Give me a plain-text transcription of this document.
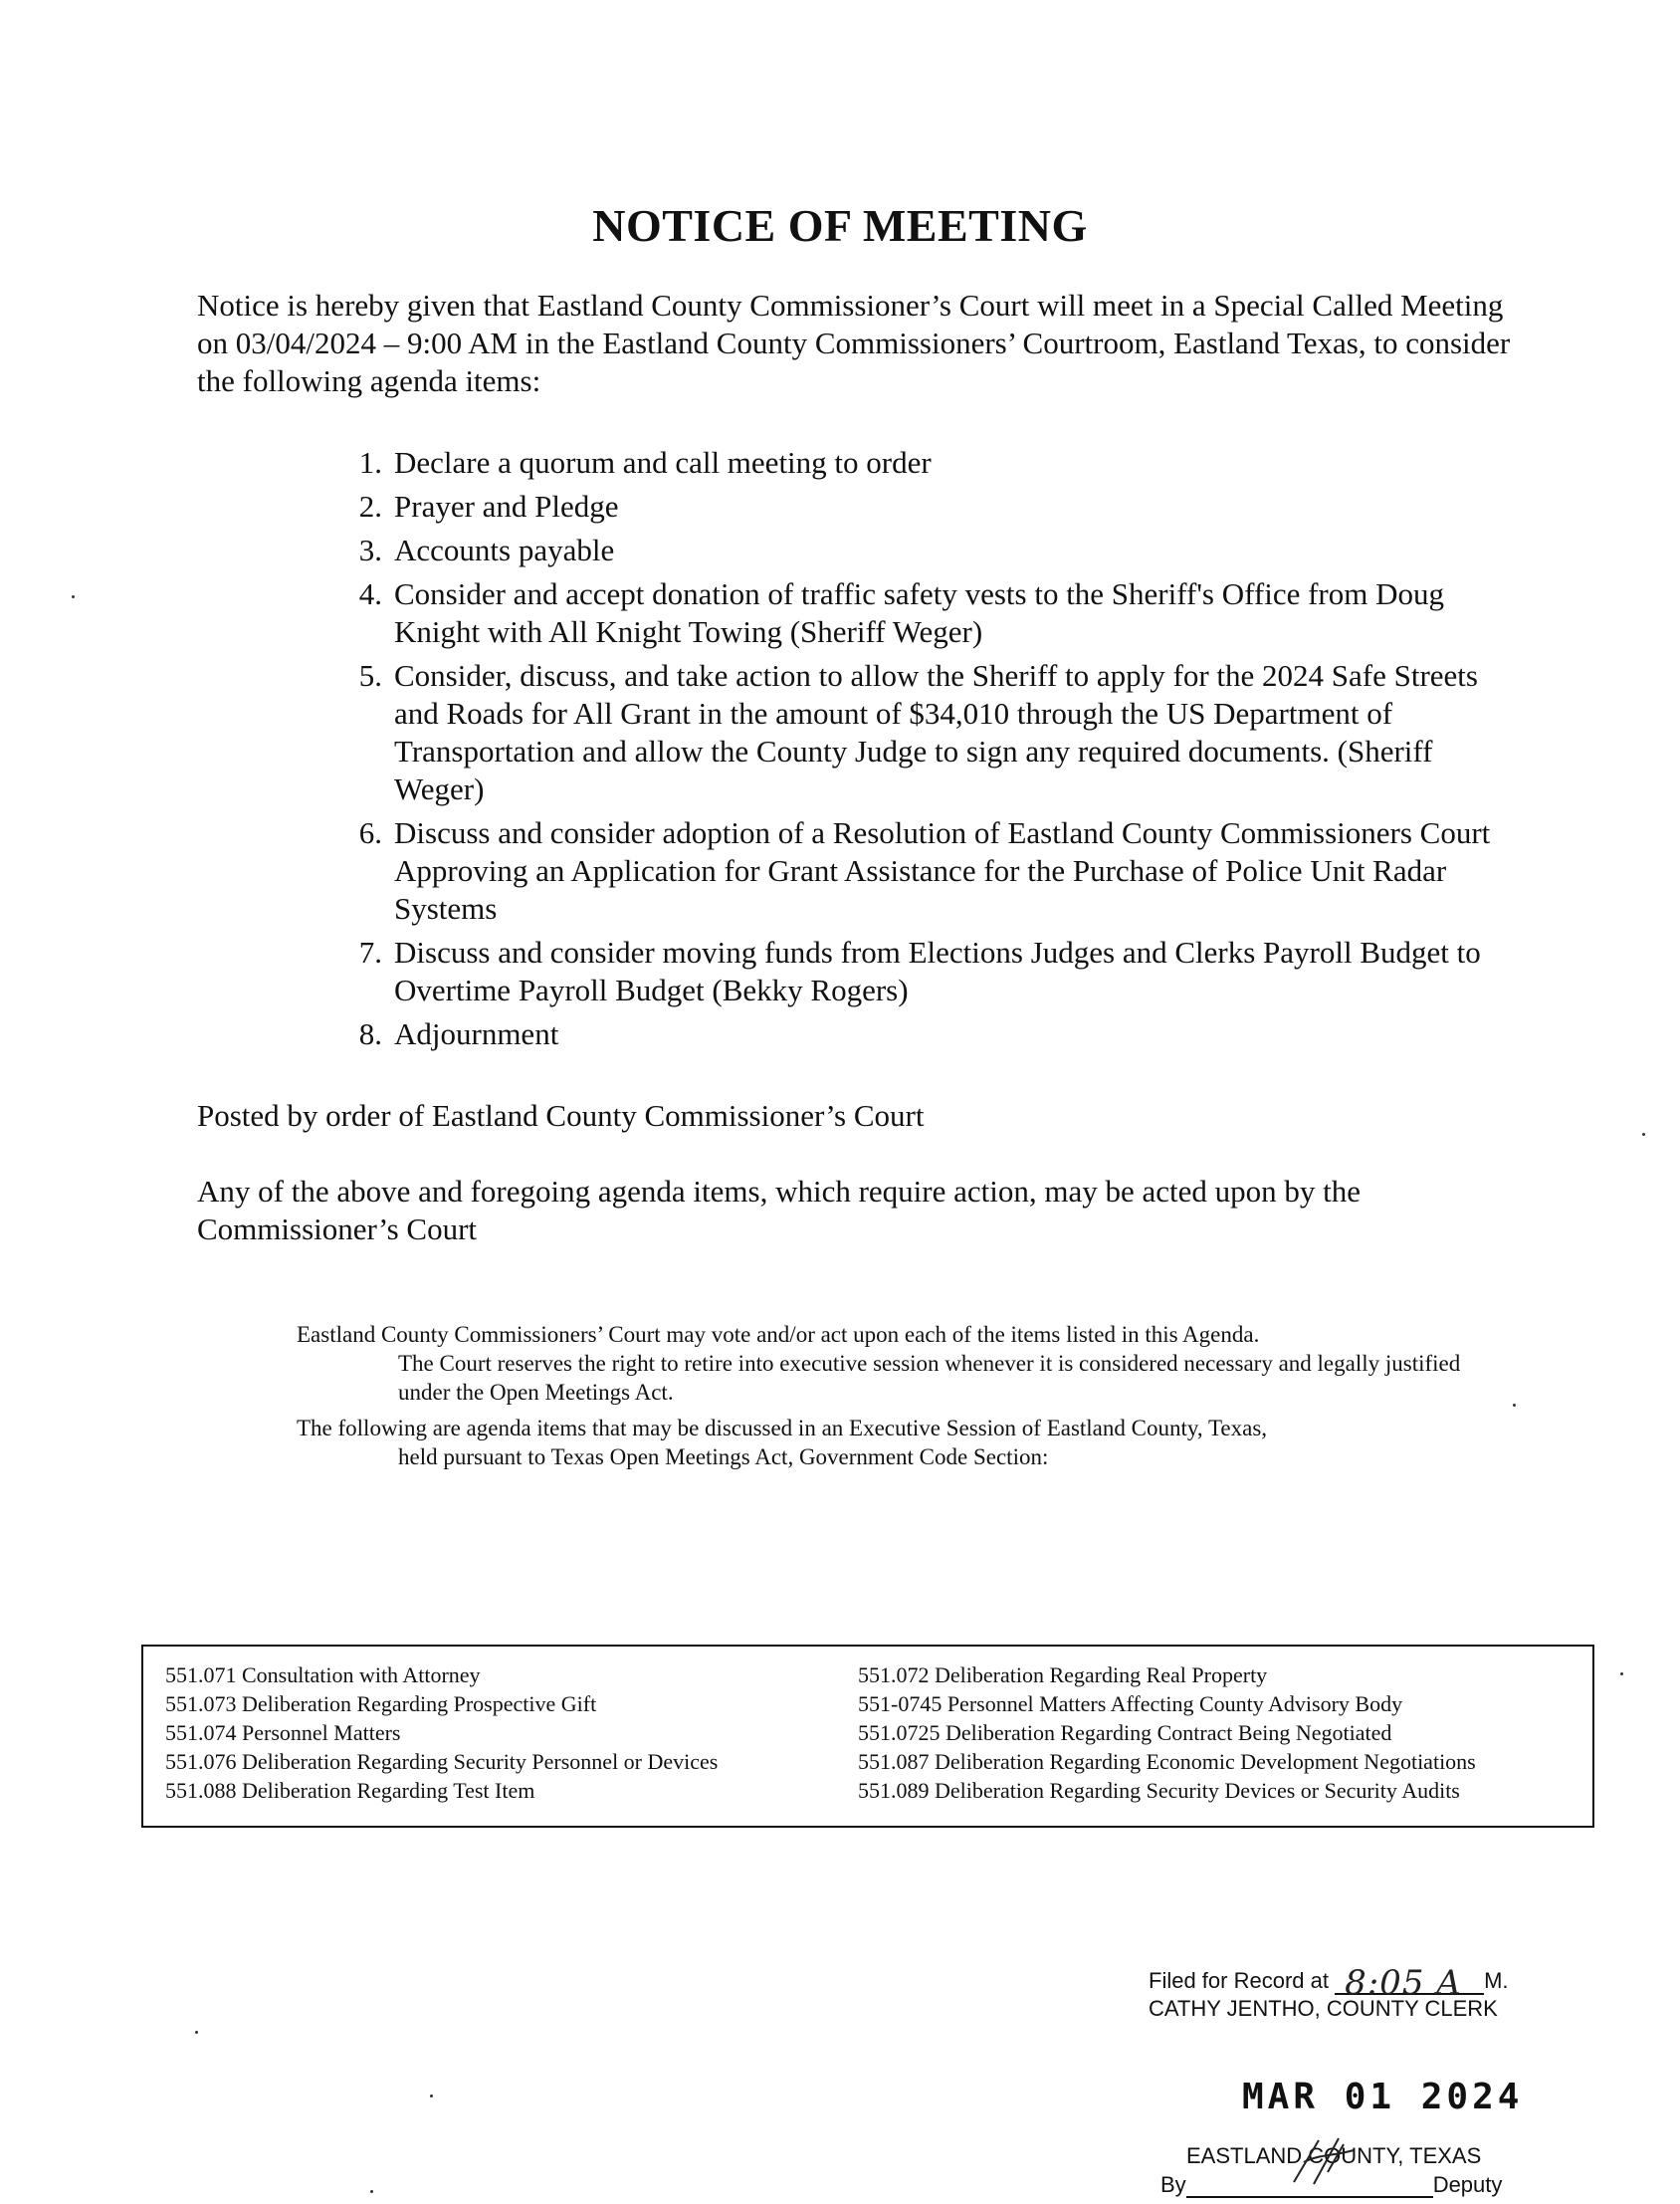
NOTICE OF MEETING

Notice is hereby given that Eastland County Commissioner’s Court will meet in a Special Called Meeting on 03/04/2024 – 9:00 AM in the Eastland County Commissioners’ Courtroom, Eastland Texas, to consider the following agenda items:

1. Declare a quorum and call meeting to order
2. Prayer and Pledge
3. Accounts payable
4. Consider and accept donation of traffic safety vests to the Sheriff's Office from Doug Knight with All Knight Towing (Sheriff Weger)
5. Consider, discuss, and take action to allow the Sheriff to apply for the 2024 Safe Streets and Roads for All Grant in the amount of $34,010 through the US Department of Transportation and allow the County Judge to sign any required documents. (Sheriff Weger)
6. Discuss and consider adoption of a Resolution of Eastland County Commissioners Court Approving an Application for Grant Assistance for the Purchase of Police Unit Radar Systems
7. Discuss and consider moving funds from Elections Judges and Clerks Payroll Budget to Overtime Payroll Budget (Bekky Rogers)
8. Adjournment

Posted by order of Eastland County Commissioner’s Court

Any of the above and foregoing agenda items, which require action, may be acted upon by the Commissioner’s Court

Eastland County Commissioners’ Court may vote and/or act upon each of the items listed in this Agenda.
The Court reserves the right to retire into executive session whenever it is considered necessary and legally justified under the Open Meetings Act.

The following are agenda items that may be discussed in an Executive Session of Eastland County, Texas,
held pursuant to Texas Open Meetings Act, Government Code Section:

551.071 Consultation with Attorney
551.073 Deliberation Regarding Prospective Gift
551.074 Personnel Matters
551.076 Deliberation Regarding Security Personnel or Devices
551.088 Deliberation Regarding Test Item
551.072 Deliberation Regarding Real Property
551-0745 Personnel Matters Affecting County Advisory Body
551.0725 Deliberation Regarding Contract Being Negotiated
551.087 Deliberation Regarding Economic Development Negotiations
551.089 Deliberation Regarding Security Devices or Security Audits
Filed for Record at 8:05 A M.
CATHY JENTHO, COUNTY CLERK
MAR 01 2024
EASTLAND COUNTY, TEXAS
By	Deputy
